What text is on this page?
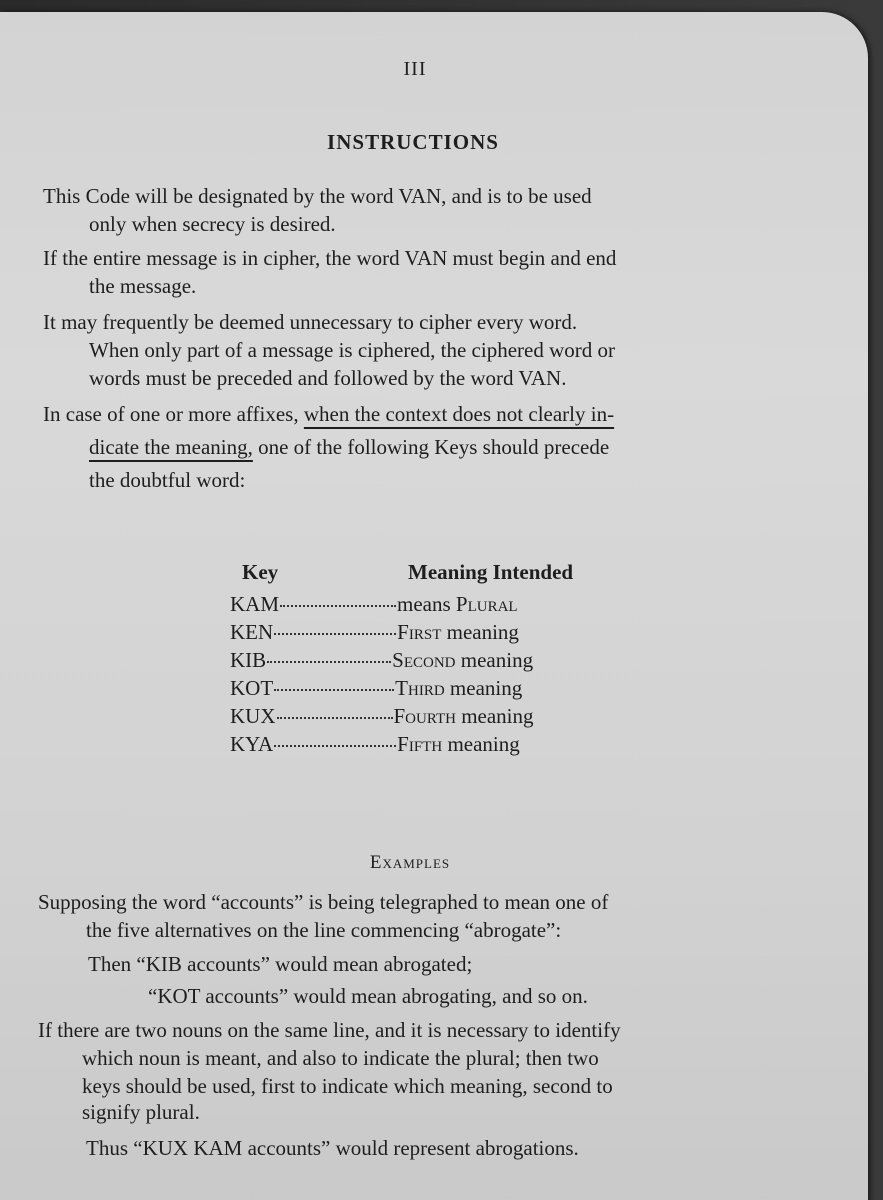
III
INSTRUCTIONS
This Code will be designated by the word VAN, and is to be used
only when secrecy is desired.
If the entire message is in cipher, the word VAN must begin and end
the message.
It may frequently be deemed unnecessary to cipher every word.
When only part of a message is ciphered, the ciphered word or
words must be preceded and followed by the word VAN.
In case of one or more affixes, when the context does not clearly in-
dicate the meaning, one of the following Keys should precede
the doubtful word:
Key	Meaning Intended
KAM	means Plural
KEN	First meaning
KIB	Second meaning
KOT	Third meaning
KUX	Fourth meaning
KYA	Fifth meaning
Examples
Supposing the word “accounts” is being telegraphed to mean one of
the five alternatives on the line commencing “abrogate”:
Then “KIB accounts” would mean abrogated;
“KOT accounts” would mean abrogating, and so on.
If there are two nouns on the same line, and it is necessary to identify
which noun is meant, and also to indicate the plural; then two
keys should be used, first to indicate which meaning, second to
signify plural.
Thus “KUX KAM accounts” would represent abrogations.
